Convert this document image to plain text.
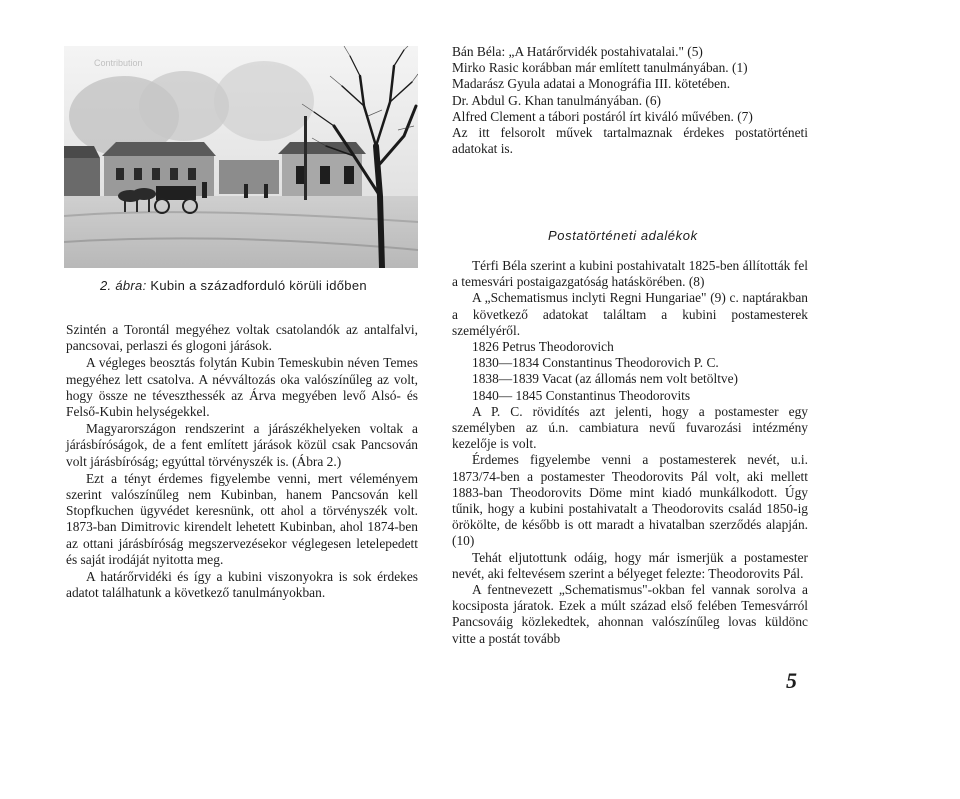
Contribution
2. ábra: Kubin a századforduló körüli időben

Bán Béla: „A Határőrvidék postahivatalai." (5)

Mirko Rasic korábban már említett tanulmányában. (1)

Madarász Gyula adatai a Monográfia III. kötetében.

Dr. Abdul G. Khan tanulmányában. (6)

Alfred Clement a tábori postáról írt kiváló művében. (7)

Az itt felsorolt művek tartalmaznak érdekes postatörténeti adatokat is.

Postatörténeti adalékok

Szintén a Torontál megyéhez voltak csatolandók az antalfalvi, pancsovai, perlaszi és glogoni járások.

A végleges beosztás folytán Kubin Temeskubin néven Temes megyéhez lett csatolva. A névváltozás oka valószínűleg az volt, hogy össze ne téveszthessék az Árva megyében levő Alsó- és Felső-Kubin helységekkel.

Magyarországon rendszerint a járászékhelyeken voltak a járásbíróságok, de a fent említett járások közül csak Pancsován volt járásbíróság; egyúttal törvényszék is. (Ábra 2.)

Ezt a tényt érdemes figyelembe venni, mert véleményem szerint valószínűleg nem Kubinban, hanem Pancsován kell Stopfkuchen ügyvédet keresnünk, ott ahol a törvényszék volt. 1873-ban Dimitrovic kirendelt lehetett Kubinban, ahol 1874-ben az ottani járásbíróság megszervezésekor véglegesen letelepedett és saját irodáját nyitotta meg.

A határőrvidéki és így a kubini viszonyokra is sok érdekes adatot találhatunk a következő tanulmányokban.

Térfi Béla szerint a kubini postahivatalt 1825-ben állították fel a temesvári postaigazgatóság hatáskörében. (8)

A „Schematismus inclyti Regni Hungariae" (9) c. naptárakban a következő adatokat találtam a kubini postamesterek személyéről.

1826 Petrus Theodorovich

1830—1834 Constantinus Theodorovich P. C.

1838—1839 Vacat (az állomás nem volt betöltve)

1840— 1845 Constantinus Theodorovits

A P. C. rövidítés azt jelenti, hogy a postamester egy személyben az ú.n. cambiatura nevű fuvarozási intézmény kezelője is volt.

Érdemes figyelembe venni a postamesterek nevét, u.i. 1873/74-ben a postamester Theodorovits Pál volt, aki mellett 1883-ban Theodorovits Döme mint kiadó munkálkodott. Úgy tűnik, hogy a kubini postahivatalt a Theodorovits család 1850-ig örökölte, de később is ott maradt a hivatalban szerződés alapján. (10)

Tehát eljutottunk odáig, hogy már ismerjük a postamester nevét, aki feltevésem szerint a bélyeget felezte: Theodorovits Pál.

A fentnevezett „Schematismus"-okban fel vannak sorolva a kocsiposta járatok. Ezek a múlt század első felében Temesvárról Pancsováig közlekedtek, ahonnan valószínűleg lovas küldönc vitte a postát tovább

5
